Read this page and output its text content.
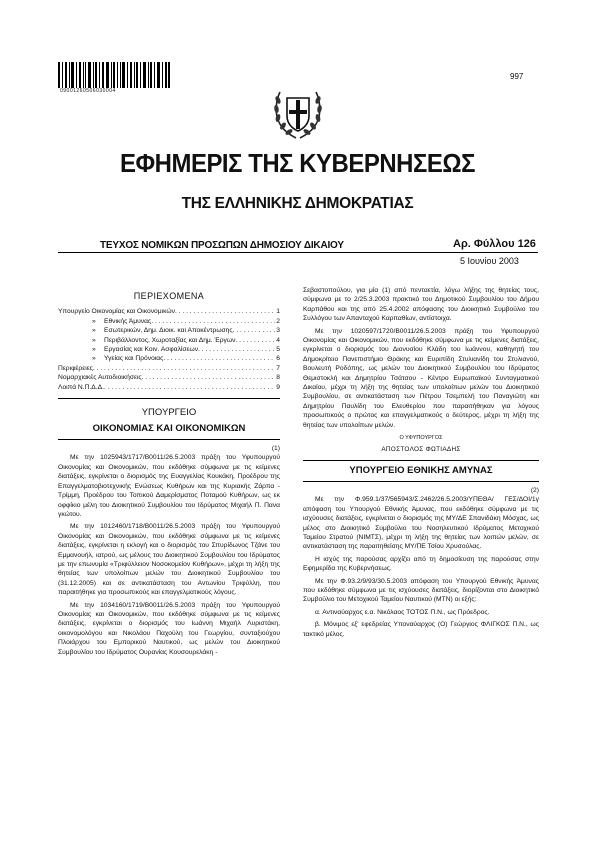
09001260506030004
997
ΕΦΗΜΕΡΙΣ ΤΗΣ ΚΥΒΕΡΝΗΣΕΩΣ
ΤΗΣ ΕΛΛΗΝΙΚΗΣ ΔΗΜΟΚΡΑΤΙΑΣ
ΤΕΥΧΟΣ ΝΟΜΙΚΩΝ ΠΡΟΣΩΠΩΝ ΔΗΜΟΣΙΟΥ ΔΙΚΑΙΟΥ	Αρ. Φύλλου 126
5 Ιουνίου 2003
ΠΕΡΙΕΧΟΜΕΝΑ
Υπουργείο Οικονομίας και Οικονομικών . . .	1
» Εθνικής Άμυνας . . .	2
» Εσωτερικών, Δημ. Διοικ. και Αποκέντρωσης . . .	3
» Περιβάλλοντος, Χωροταξίας και Δημ. Έργων . . .	4
» Εργασίας και Κοιν. Ασφαλίσεων . . .	5
» Υγείας και Πρόνοιας . . .	6
Περιφέρειες . . .	7
Νομαρχιακές Αυτοδιοικήσεις . . .	8
Λοιπά Ν.Π.Δ.Δ. . . .	9
ΥΠΟΥΡΓΕΙΟ
ΟΙΚΟΝΟΜΙΑΣ ΚΑΙ ΟΙΚΟΝΟΜΙΚΩΝ

(1)

Με την 1025943/1717/Β0011/26.5.2003 πράξη του Υφυπουργού Οικονομίας και Οικονομικών, που εκδόθηκε σύμφωνα με τις κείμενες διατάξεις, εγκρίνεται ο διορισμός της Ευαγγελίας Κουκάκη, Προέδρου της Επαγγελματοβιοτεχνικής Ενώσεως Κυθήρων και της Κυριακής Ζάρπα - Τρίμμη, Προέδρου του Τοπικού Δαμερίσματος Ποταμού Κυθήρων, ως εκ οφφίκιο μέλη του Διοικητικού Συμβουλίου του Ιδρύματος Μιχαήλ Π. Πανα γκώτου.

Με την 1012460/1718/Β0011/26.5.2003 πράξη του Υφυπουργού Οικονομίας και Οικονομικών, που εκδόθηκε σύμφωνα με τις κείμενες διατάξεις, εγκρίνεται η εκλογή και ο διορισμός του Σπυρίδωνος Τζάνε του Εμμανουήλ, ιατρού, ως μέλους του Διοικητικού Συμβουλίου του Ιδρύματος με την επωνυμία «Τριφύλλειον Νοσοκομείον Κυθήρων», μέχρι τη λήξη της θητείας των υπολοίπων μελών του Διοικητικού Συμβουλίου του (31.12.2005) και σε αντικατάσταση του Αντωνίου Τριφύλλη, που παραιτήθηκε για προσωπικούς και επαγγελματικούς λόγους.

Με την 1034160/1719/Β0011/26.5.2003 πράξη του Υφυπουργού Οικονομίας και Οικονομικών, που εκδόθηκε σύμφωνα με τις κείμενες διατάξεις, εγκρίνεται ο διορισμός του Ιωάννη Μιχαήλ Λυριστάκη, οικονομολόγου και Νικολάου Παχούλη του Γεωργίου, συνταξιούχου Πλοιάρχου του Εμπορικού Ναυτικού, ως μελών του Διοικητικού Συμβουλίου του Ιδρύματος Ουρανίας Κουσουρελάκη -

Σεβαστοπούλου, για μία (1) από πενταετία, λόγω λήξης της θητείας τους, σύμφωνα με το 2/25.3.2003 πρακτικό του Δημοτικού Συμβουλίου του Δήμου Καρπάθου και της από 25.4.2002 απόφασης του Διοικητικό Συμβούλιο του Συλλόγου των Απανταχού Καρπαθίων, αντίστοιχα.

Με την 1020597/1720/Β0011/26.5.2003 πράξη του Υφυπουργού Οικονομίας και Οικονομικών, που εκδόθηκε σύμφωνα με τις κείμενες διατάξεις, εγκρίνεται ο διορισμός του Διονυσίου Κλάδη του Ιωάννου, καθηγητή του Δημοκρίτειο Πανεπιστήμιο Θράκης και Ευριπίδη Στυλιανίδη του Στυλιανού, Βουλευτή Ροδόπης, ως μελών του Διοικητικού Συμβουλίου του Ιδρύματος Θεμιστοκλή και Δημητρίου Τσάτσου - Κέντρο Ευρωπαϊκού Συνταγματικού Δικαίου, μέχρι τη λήξη της θητείας των υπολοίπων μελών του Διοικητικού Συμβουλίου, σε αντικατάσταση των Πέτρου Τσεμπελή του Παναγιώτη και Δημητρίου Παυλίδη του Ελευθερίου που παραιτήθηκαν για λόγους προσωπικούς ο πρώτος και επαγγελματικούς ο δεύτερος, μέχρι τη λήξη της θητείας των υπολοίπων μελών.

Ο ΥΦΥΠΟΥΡΓΟΣ
ΑΠΟΣΤΟΛΟΣ ΦΩΤΙΑΔΗΣ
ΥΠΟΥΡΓΕΙΟ ΕΘΝΙΚΗΣ ΑΜΥΝΑΣ

(2)

Με την Φ.959.1/37/565943/Σ.2462/26.5.2003/ΥΠΕΘΑ/ ΓΕΣ/ΔΟΙ/1γ απόφαση του Υπουργού Εθνικής Άμυνας, που εκδόθηκε σύμφωνα με τις ισχύουσες διατάξεις, εγκρίνεται ο διορισμός της ΜΥ/ΔΕ Σπανιδάκη Μόσχας, ως μέλος στο Διοικητικό Συμβούλιο του Νοσηλευτικού Ιδρύματος Μετοχικού Ταμείου Στρατού (ΝΙΜΤΣ), μέχρι τη λήξη της θητείας των λοιπών μελών, σε αντικατάσταση της παραιτηθείσης ΜΥ/ΠΕ Τσίου Χρυσούλας.

Η ισχύς της παρούσας αρχίζει από τη δημοσίευση της παρούσας στην Εφημερίδα της Κυβερνήσεως.

Με την Φ.93.2/9/93/30.5.2003 απόφαση του Υπουργού Εθνικής Άμυνας που εκδόθηκε σύμφωνα με τις ισχύουσες διατάξεις, διορίζονται στο Διοικητικό Συμβούλιο του Μετοχικού Ταμείου Ναυτικού (ΜΤΝ) οι εξής:

α. Αντιναύαρχος ε.α. Νικόλαος ΤΟΤΟΣ Π.Ν., ως Πρόεδρος.

β. Μόνιμος εξ' εφεδρείας Υποναύαρχος (Ο) Γεώργιος ΦΛΙΓΚΟΣ Π.Ν., ως τακτικό μέλος.
